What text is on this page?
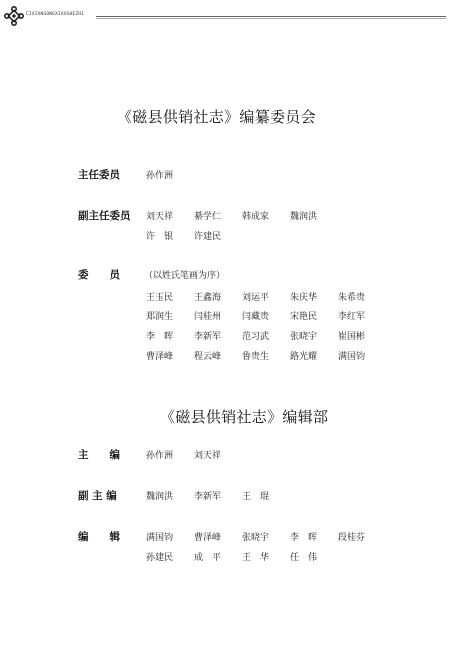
CIXIANGONGXIAOSHEZHI
《磁县供销社志》编纂委员会
主任委员	孙作洲
副主任委员 刘天祥 綦学仁 韩成家 魏润洪
许　银 许建民
委　　员	（以姓氏笔画为序）
王玉民 王鑫海 刘运平 朱庆华 朱希贵
郑润生 闫桂州 闫藏贵 宋艳民 李红军
李　晖 李新军 范习武 张晓宇 崔国彬
曹泽峰 程云峰 鲁贵生 路光耀 满国钧
《磁县供销社志》编辑部
主　　编	孙作洲 刘天祥
副 主 编	魏润洪 李新军 王　琨
编　　辑	满国钧 曹泽峰 张晓宇 李　晖 段桂芬
孙建民 成　平 王　华 任　伟
